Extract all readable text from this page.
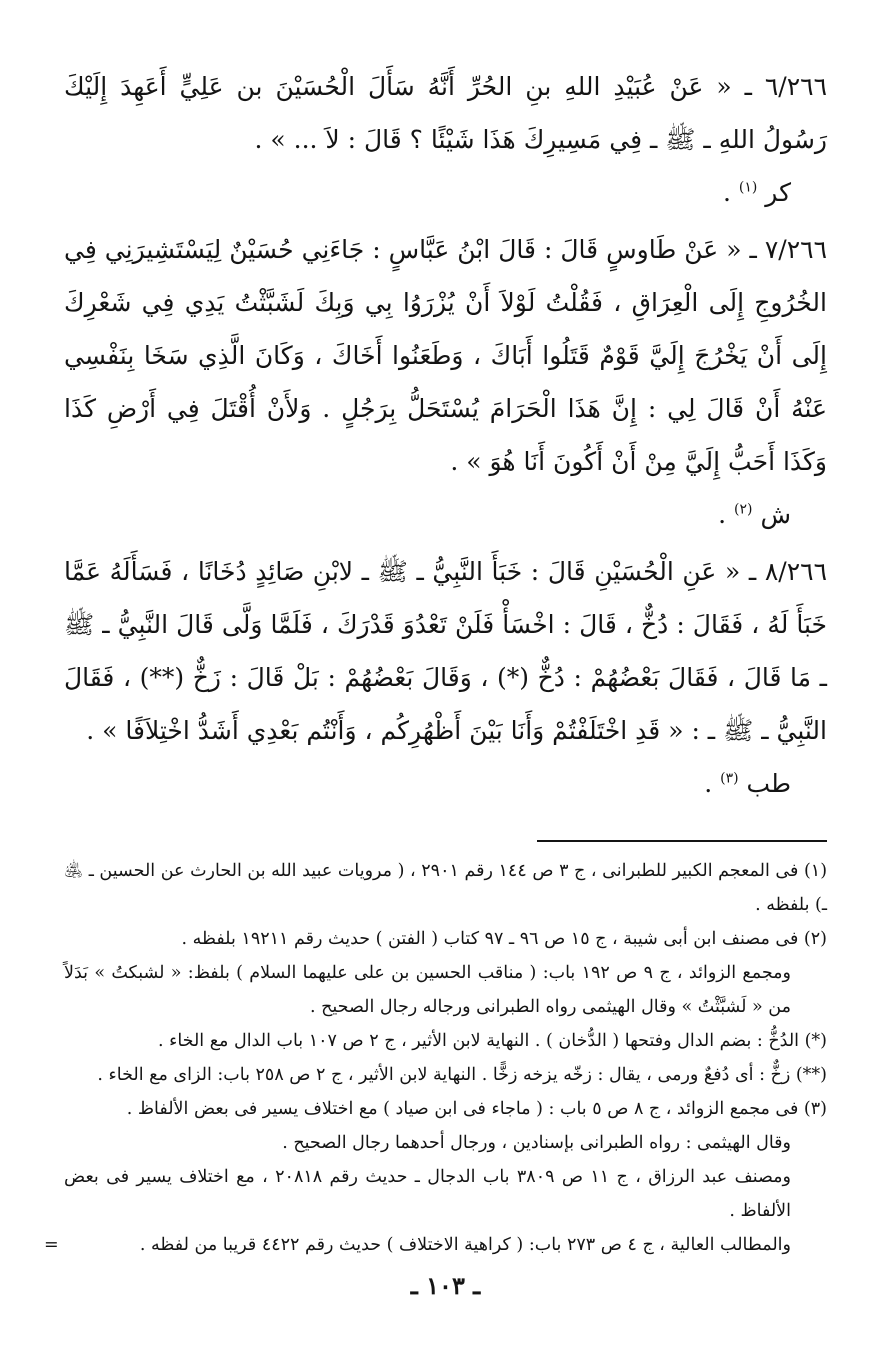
٦/٢٦٦ ـ « عَنْ عُبَيْدِ اللهِ بنِ الحُرِّ أَنَّهُ سَأَلَ الْحُسَيْنَ بن عَلِيٍّ أَعَهِدَ إِلَيْكَ رَسُولُ اللهِ ـ ﷺ ـ فِي مَسِيرِكَ هَذَا شَيْئًا ؟ قَالَ : لاَ ... » .

كر $^{(١)}$ .

٧/٢٦٦ ـ « عَنْ طَاوسٍ قَالَ : قَالَ ابْنُ عَبَّاسٍ : جَاءَنِي حُسَيْنٌ لِيَسْتَشِيرَنِي فِي الخُرُوجِ إِلَى الْعِرَاقِ ، فَقُلْتُ لَوْلاَ أَنْ يُزْرَوُا بِي وَبِكَ لَشَبَّثْتُ يَدِي فِي شَعْرِكَ إِلَى أَنْ يَخْرُجَ إِلَيَّ قَوْمٌ قَتَلُوا أَبَاكَ ، وَطَعَنُوا أَخَاكَ ، وَكَانَ الَّذِي سَخَا بِنَفْسِي عَنْهُ أَنْ قَالَ لِي : إِنَّ هَذَا الْحَرَامَ يُسْتَحَلُّ بِرَجُلٍ . وَلأَنْ أُقْتَلَ فِي أَرْضِ كَذَا وَكَذَا أَحَبُّ إِلَيَّ مِنْ أَنْ أَكُونَ أَنَا هُوَ » .

ش $^{(٢)}$ .

٨/٢٦٦ ـ « عَنِ الْحُسَيْنِ قَالَ : خَبَأَ النَّبِيُّ ـ ﷺ ـ لابْنِ صَائِدٍ دُخَانًا ، فَسَأَلَهُ عَمَّا خَبَأَ لَهُ ، فَقَالَ : دُخٌّ ، قَالَ : اخْسَأْ فَلَنْ تَعْدُوَ قَدْرَكَ ، فَلَمَّا وَلَّى قَالَ النَّبِيُّ ـ ﷺ ـ مَا قَالَ ، فَقَالَ بَعْضُهُمْ : دُخٌّ (*) ، وَقَالَ بَعْضُهُمْ : بَلْ قَالَ : زَخٌّ (**) ، فَقَالَ النَّبِيُّ ـ ﷺ ـ : « قَدِ اخْتَلَفْتُمْ وَأَنَا بَيْنَ أَظْهُرِكُم ، وَأَنْتُم بَعْدِي أَشَدُّ اخْتِلاَفًا » .

طب $^{(٣)}$ .

(١) فى المعجم الكبير للطبرانى ، ج ٣ ص ١٤٤ رقم ٢٩٠١ ، ( مرويات عبيد الله بن الحارث عن الحسين ـ ﵁ ـ) بلفظه .

(٢) فى مصنف ابن أبى شيبة ، ج ١٥ ص ٩٦ ـ ٩٧ كتاب ( الفتن ) حديث رقم ١٩٢١١ بلفظه .

ومجمع الزوائد ، ج ٩ ص ١٩٢ باب: ( مناقب الحسين بن على عليهما السلام ) بلفظ: « لشبكتُ » بَدَلاً من « لَشبَّثْتُ » وقال الهيثمى رواه الطبرانى ورجاله رجال الصحيح .

(*) الدُخُّ : بضم الدال وفتحها ( الدُّخان ) . النهاية لابن الأثير ، ج ٢ ص ١٠٧ باب الدال مع الخاء .

(**) زخٌّ : أى دُفعٌ ورمى ، يقال : زخّه يزخه زخًّا . النهاية لابن الأثير ، ج ٢ ص ٢٥٨ باب: الزاى مع الخاء .

(٣) فى مجمع الزوائد ، ج ٨ ص ٥ باب : ( ماجاء فى ابن صياد ) مع اختلاف يسير فى بعض الألفاظ .

وقال الهيثمى : رواه الطبرانى بإسنادين ، ورجال أحدهما رجال الصحيح .

ومصنف عبد الرزاق ، ج ١١ ص ٣٨٠٩ باب الدجال ـ حديث رقم ٢٠٨١٨ ، مع اختلاف يسير فى بعض الألفاظ .

والمطالب العالية ، ج ٤ ص ٢٧٣ باب: ( كراهية الاختلاف ) حديث رقم ٤٤٢٢ قريبا من لفظه .

=
ـ ١٠٣ ـ
